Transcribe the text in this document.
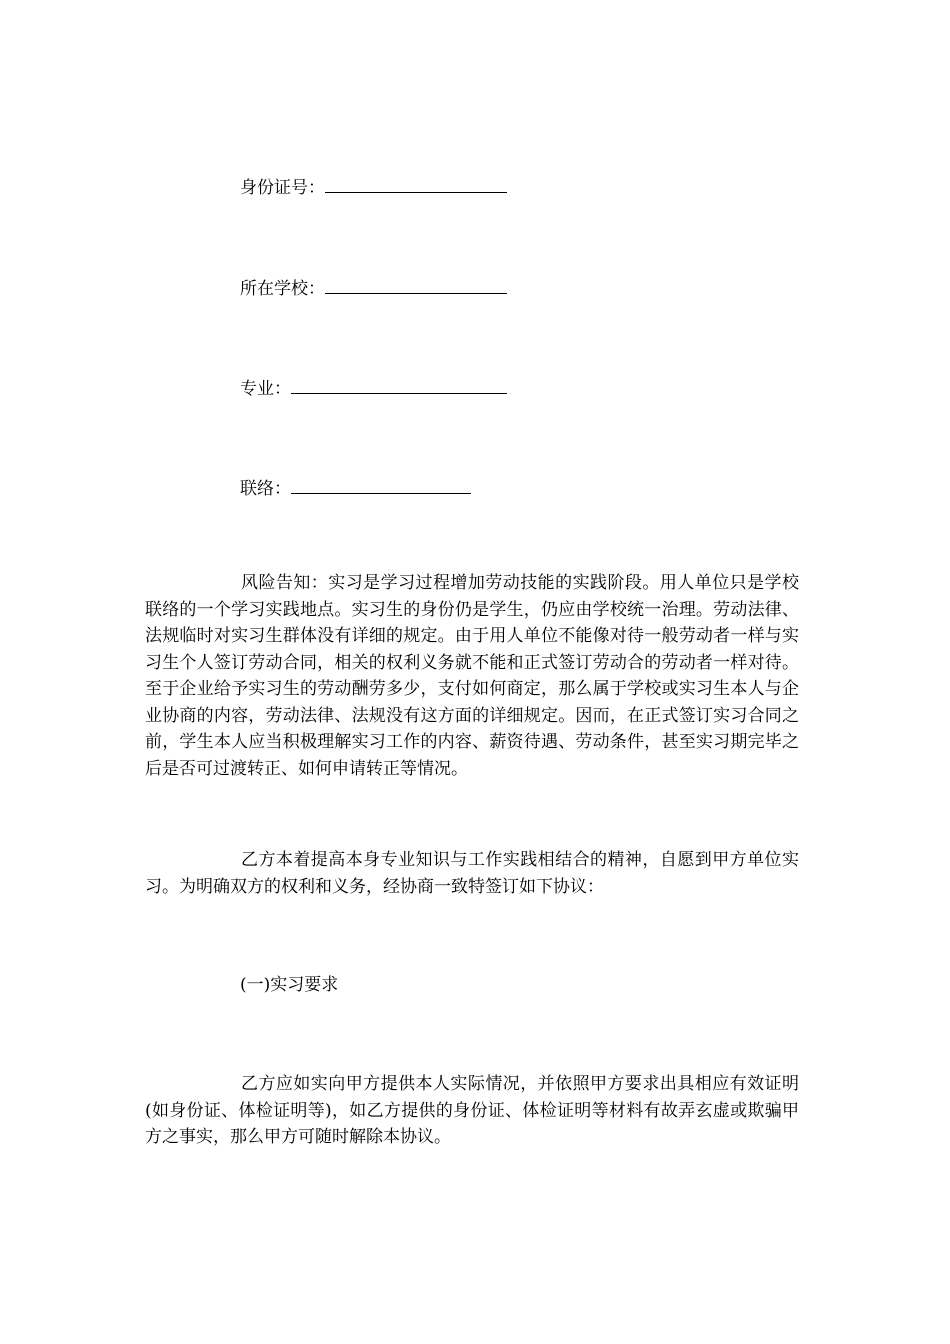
身份证号：
所在学校：
专业：
联络：

风险告知：实习是学习过程增加劳动技能的实践阶段。用人单位只是学校联络的一个学习实践地点。实习生的身份仍是学生，仍应由学校统一治理。劳动法律、法规临时对实习生群体没有详细的规定。由于用人单位不能像对待一般劳动者一样与实习生个人签订劳动合同，相关的权利义务就不能和正式签订劳动合的劳动者一样对待。至于企业给予实习生的劳动酬劳多少，支付如何商定，那么属于学校或实习生本人与企业协商的内容，劳动法律、法规没有这方面的详细规定。因而，在正式签订实习合同之前，学生本人应当积极理解实习工作的内容、薪资待遇、劳动条件，甚至实习期完毕之后是否可过渡转正、如何申请转正等情况。

乙方本着提高本身专业知识与工作实践相结合的精神，自愿到甲方单位实习。为明确双方的权利和义务，经协商一致特签订如下协议：

(一)实习要求

乙方应如实向甲方提供本人实际情况，并依照甲方要求出具相应有效证明(如身份证、体检证明等)，如乙方提供的身份证、体检证明等材料有故弄玄虚或欺骗甲方之事实，那么甲方可随时解除本协议。
